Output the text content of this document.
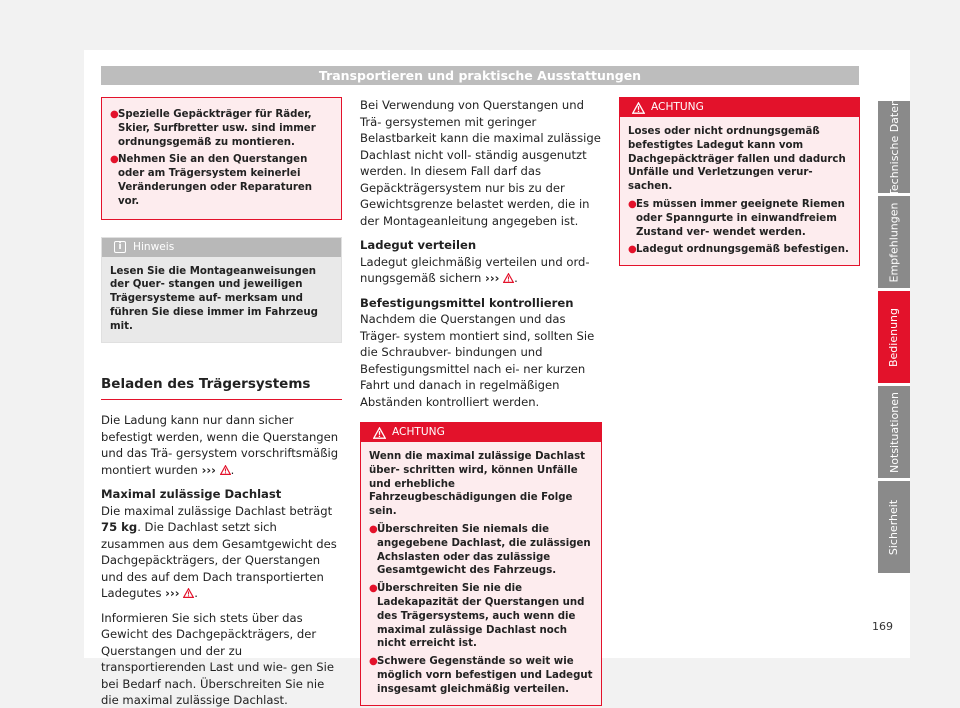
Transportieren und praktische Ausstattungen
● Spezielle Gepäckträger für Räder, Skier, Surfbretter usw. sind immer ordnungsgemäß zu montieren.
● Nehmen Sie an den Querstangen oder am Trägersystem keinerlei Veränderungen oder Reparaturen vor.
i	Hinweis
Lesen Sie die Montageanweisungen der Quer- stangen und jeweiligen Trägersysteme auf- merksam und führen Sie diese immer im Fahrzeug mit.
Beladen des Trägersystems

Die Ladung kann nur dann sicher befestigt werden, wenn die Querstangen und das Trä- gersystem vorschriftsmäßig montiert wurden ››› .

Maximal zulässige Dachlast

Die maximal zulässige Dachlast beträgt 75 kg. Die Dachlast setzt sich zusammen aus dem Gesamtgewicht des Dachgepäckträgers, der Querstangen und des auf dem Dach transportierten Ladegutes ››› .

Informieren Sie sich stets über das Gewicht des Dachgepäckträgers, der Querstangen und der zu transportierenden Last und wie- gen Sie bei Bedarf nach. Überschreiten Sie nie die maximal zulässige Dachlast.

Bei Verwendung von Querstangen und Trä- gersystemen mit geringer Belastbarkeit kann die maximal zulässige Dachlast nicht voll- ständig ausgenutzt werden. In diesem Fall darf das Gepäckträgersystem nur bis zu der Gewichtsgrenze belastet werden, die in der Montageanleitung angegeben ist.

Ladegut verteilen

Ladegut gleichmäßig verteilen und ord- nungsgemäß sichern ››› .

Befestigungsmittel kontrollieren

Nachdem die Querstangen und das Träger- system montiert sind, sollten Sie die Schraubver- bindungen und Befestigungsmittel nach ei- ner kurzen Fahrt und danach in regelmäßigen Abständen kontrolliert werden.

ACHTUNG
Wenn die maximal zulässige Dachlast über- schritten wird, können Unfälle und erhebliche Fahrzeugbeschädigungen die Folge sein.
● Überschreiten Sie niemals die angegebene Dachlast, die zulässigen Achslasten oder das zulässige Gesamtgewicht des Fahrzeugs.
● Überschreiten Sie nie die Ladekapazität der Querstangen und des Trägersystems, auch wenn die maximal zulässige Dachlast noch nicht erreicht ist.
● Schwere Gegenstände so weit wie möglich vorn befestigen und Ladegut insgesamt gleichmäßig verteilen.
ACHTUNG
Loses oder nicht ordnungsgemäß befestigtes Ladegut kann vom Dachgepäckträger fallen und dadurch Unfälle und Verletzungen verur- sachen.
● Es müssen immer geeignete Riemen oder Spanngurte in einwandfreiem Zustand ver- wendet werden.
● Ladegut ordnungsgemäß befestigen.
Technische Daten
Empfehlungen
Bedienung
Notsituationen
Sicherheit
169
